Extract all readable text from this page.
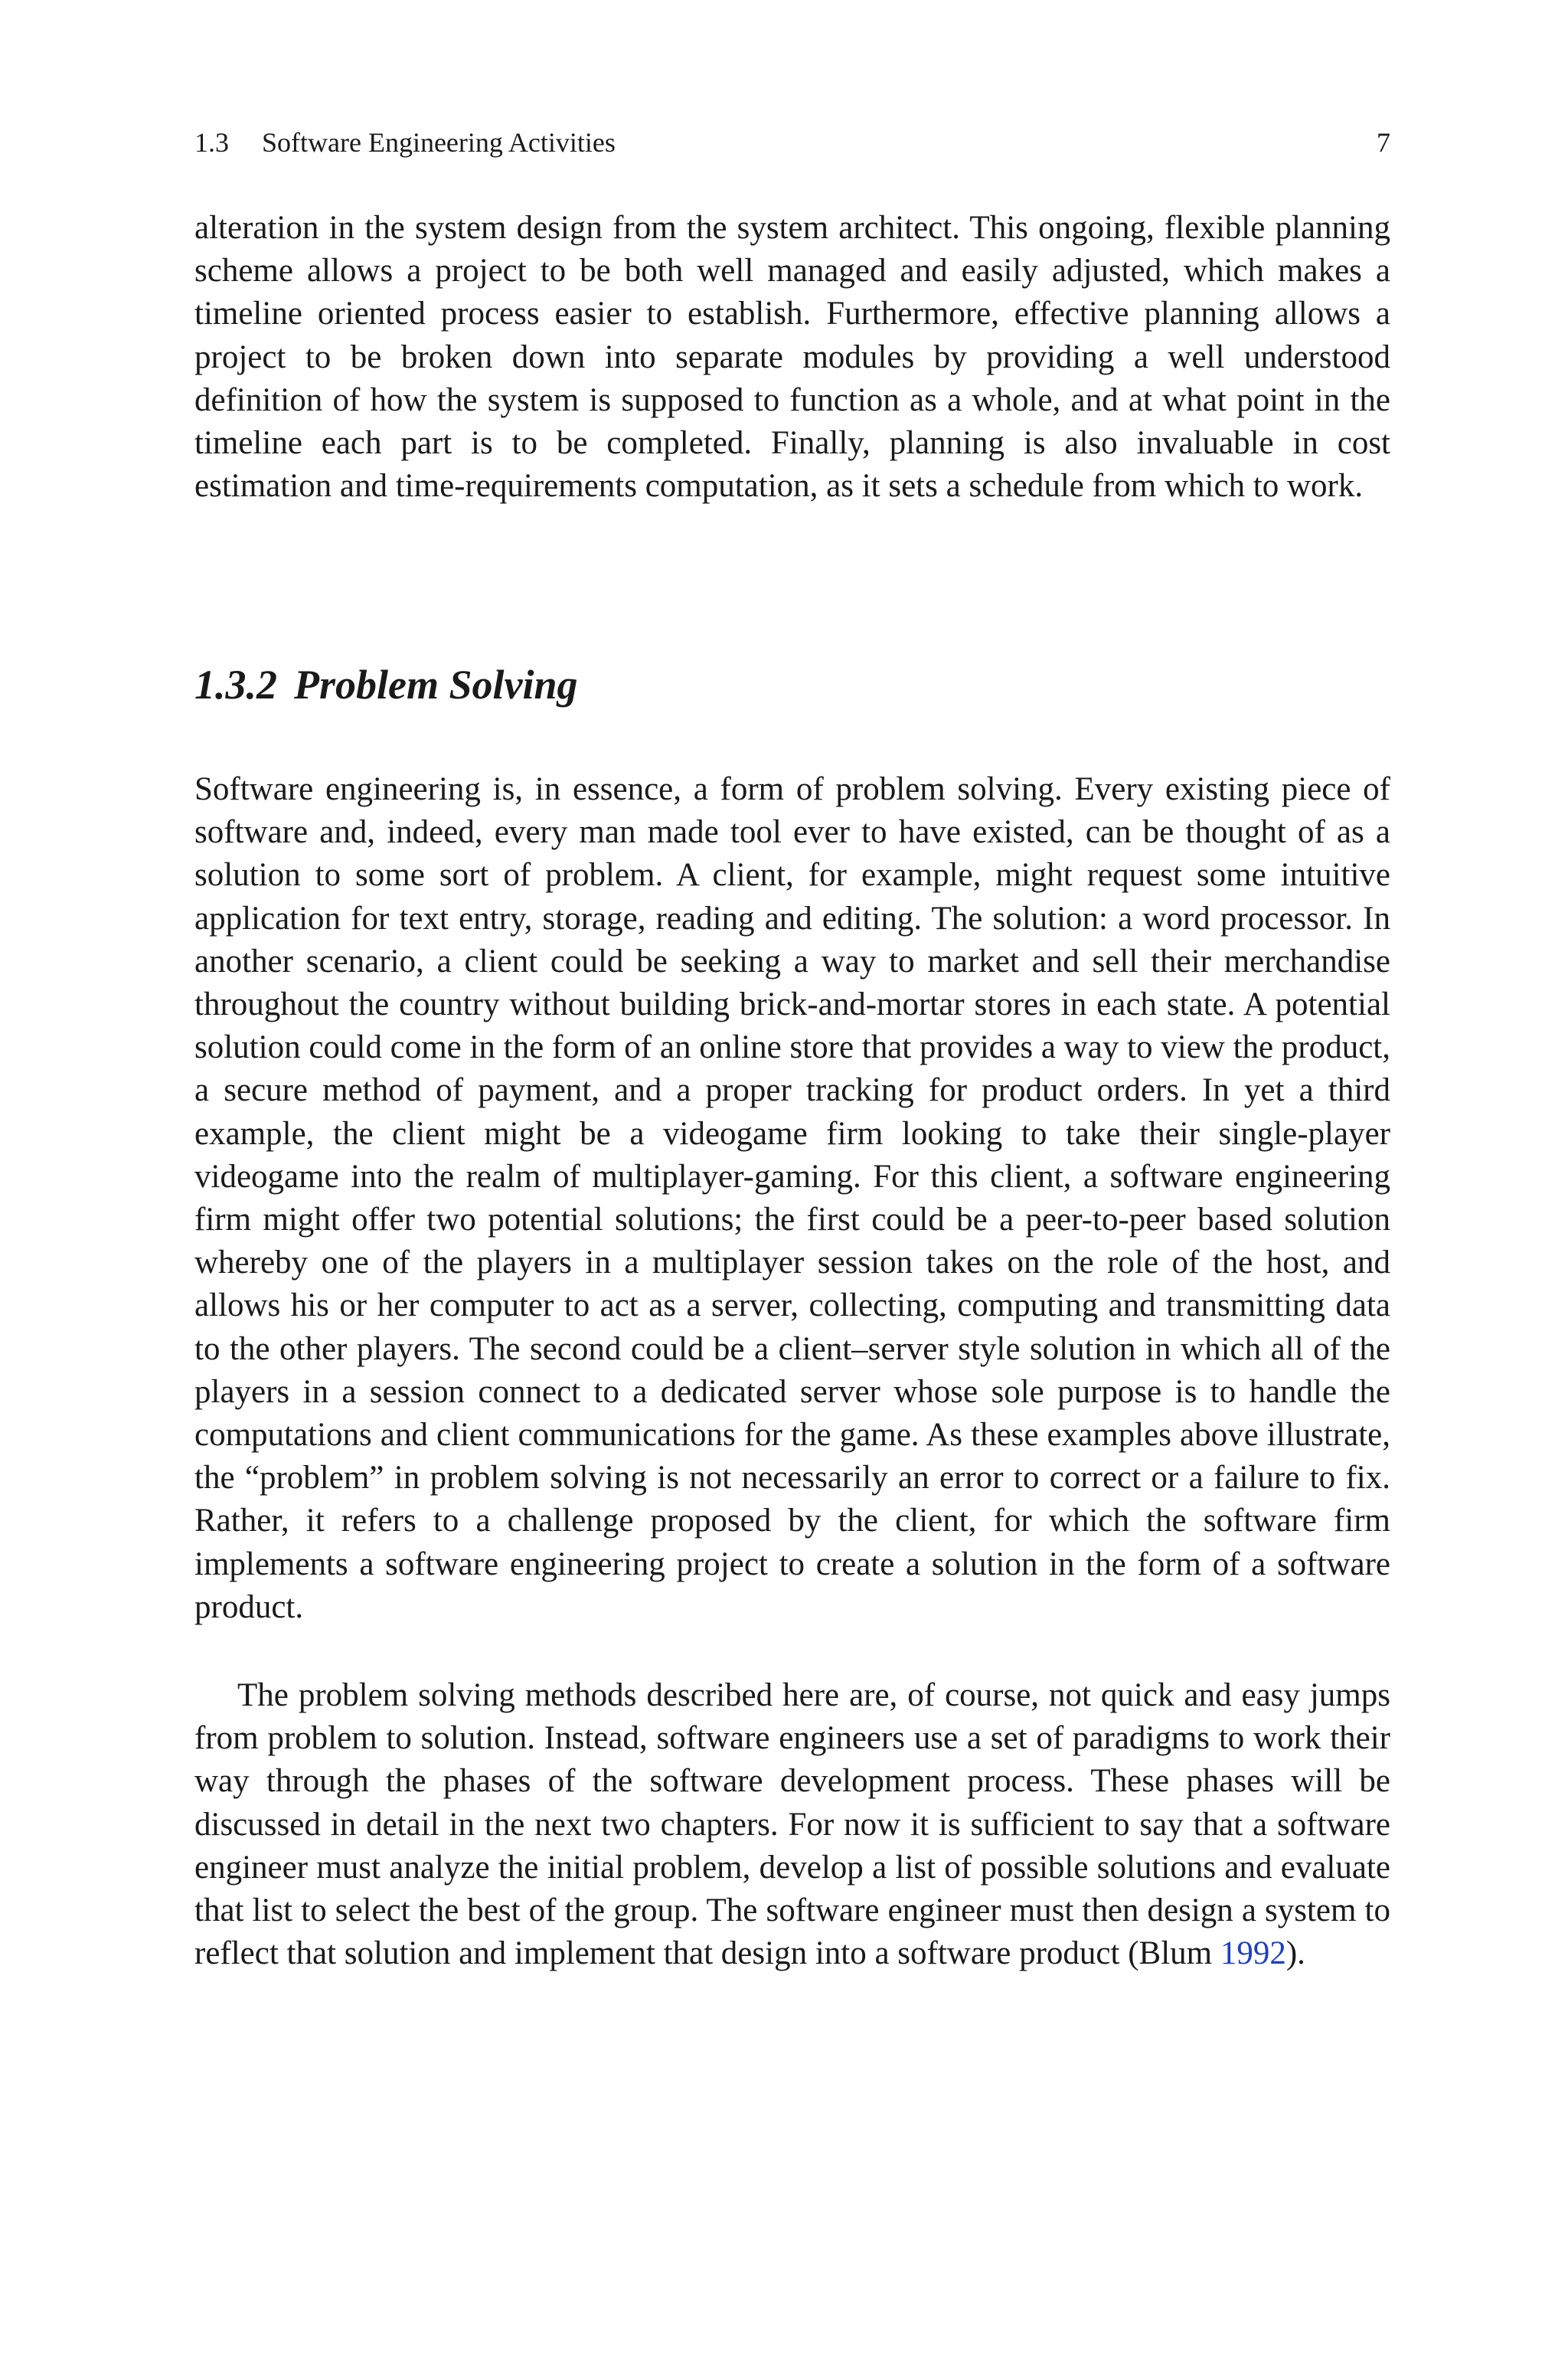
1.3 Software Engineering Activities	7

alteration in the system design from the system architect. This ongoing, flexible planning scheme allows a project to be both well managed and easily adjusted, which makes a timeline oriented process easier to establish. Furthermore, effective planning allows a project to be broken down into separate modules by providing a well understood definition of how the system is supposed to function as a whole, and at what point in the timeline each part is to be completed. Finally, planning is also invaluable in cost estimation and time-requirements computation, as it sets a schedule from which to work.

1.3.2 Problem Solving

Software engineering is, in essence, a form of problem solving. Every existing piece of software and, indeed, every man made tool ever to have existed, can be thought of as a solution to some sort of problem. A client, for example, might request some intuitive application for text entry, storage, reading and editing. The solution: a word processor. In another scenario, a client could be seeking a way to market and sell their merchandise throughout the country without building brick-and-mortar stores in each state. A potential solution could come in the form of an online store that provides a way to view the product, a secure method of payment, and a proper tracking for product orders. In yet a third example, the client might be a videogame firm looking to take their single-player videogame into the realm of multiplayer-gaming. For this client, a software engineering firm might offer two potential solutions; the first could be a peer-to-peer based solution whereby one of the players in a multiplayer session takes on the role of the host, and allows his or her computer to act as a server, collecting, computing and transmitting data to the other players. The second could be a client–server style solution in which all of the players in a session connect to a dedicated server whose sole purpose is to handle the computations and client communications for the game. As these examples above illustrate, the “problem” in problem solving is not necessarily an error to correct or a failure to fix. Rather, it refers to a challenge proposed by the client, for which the software firm implements a software engineering project to create a solution in the form of a software product.

The problem solving methods described here are, of course, not quick and easy jumps from problem to solution. Instead, software engineers use a set of paradigms to work their way through the phases of the software development process. These phases will be discussed in detail in the next two chapters. For now it is sufficient to say that a software engineer must analyze the initial problem, develop a list of possible solutions and evaluate that list to select the best of the group. The software engineer must then design a system to reflect that solution and implement that design into a software product (Blum 1992).
